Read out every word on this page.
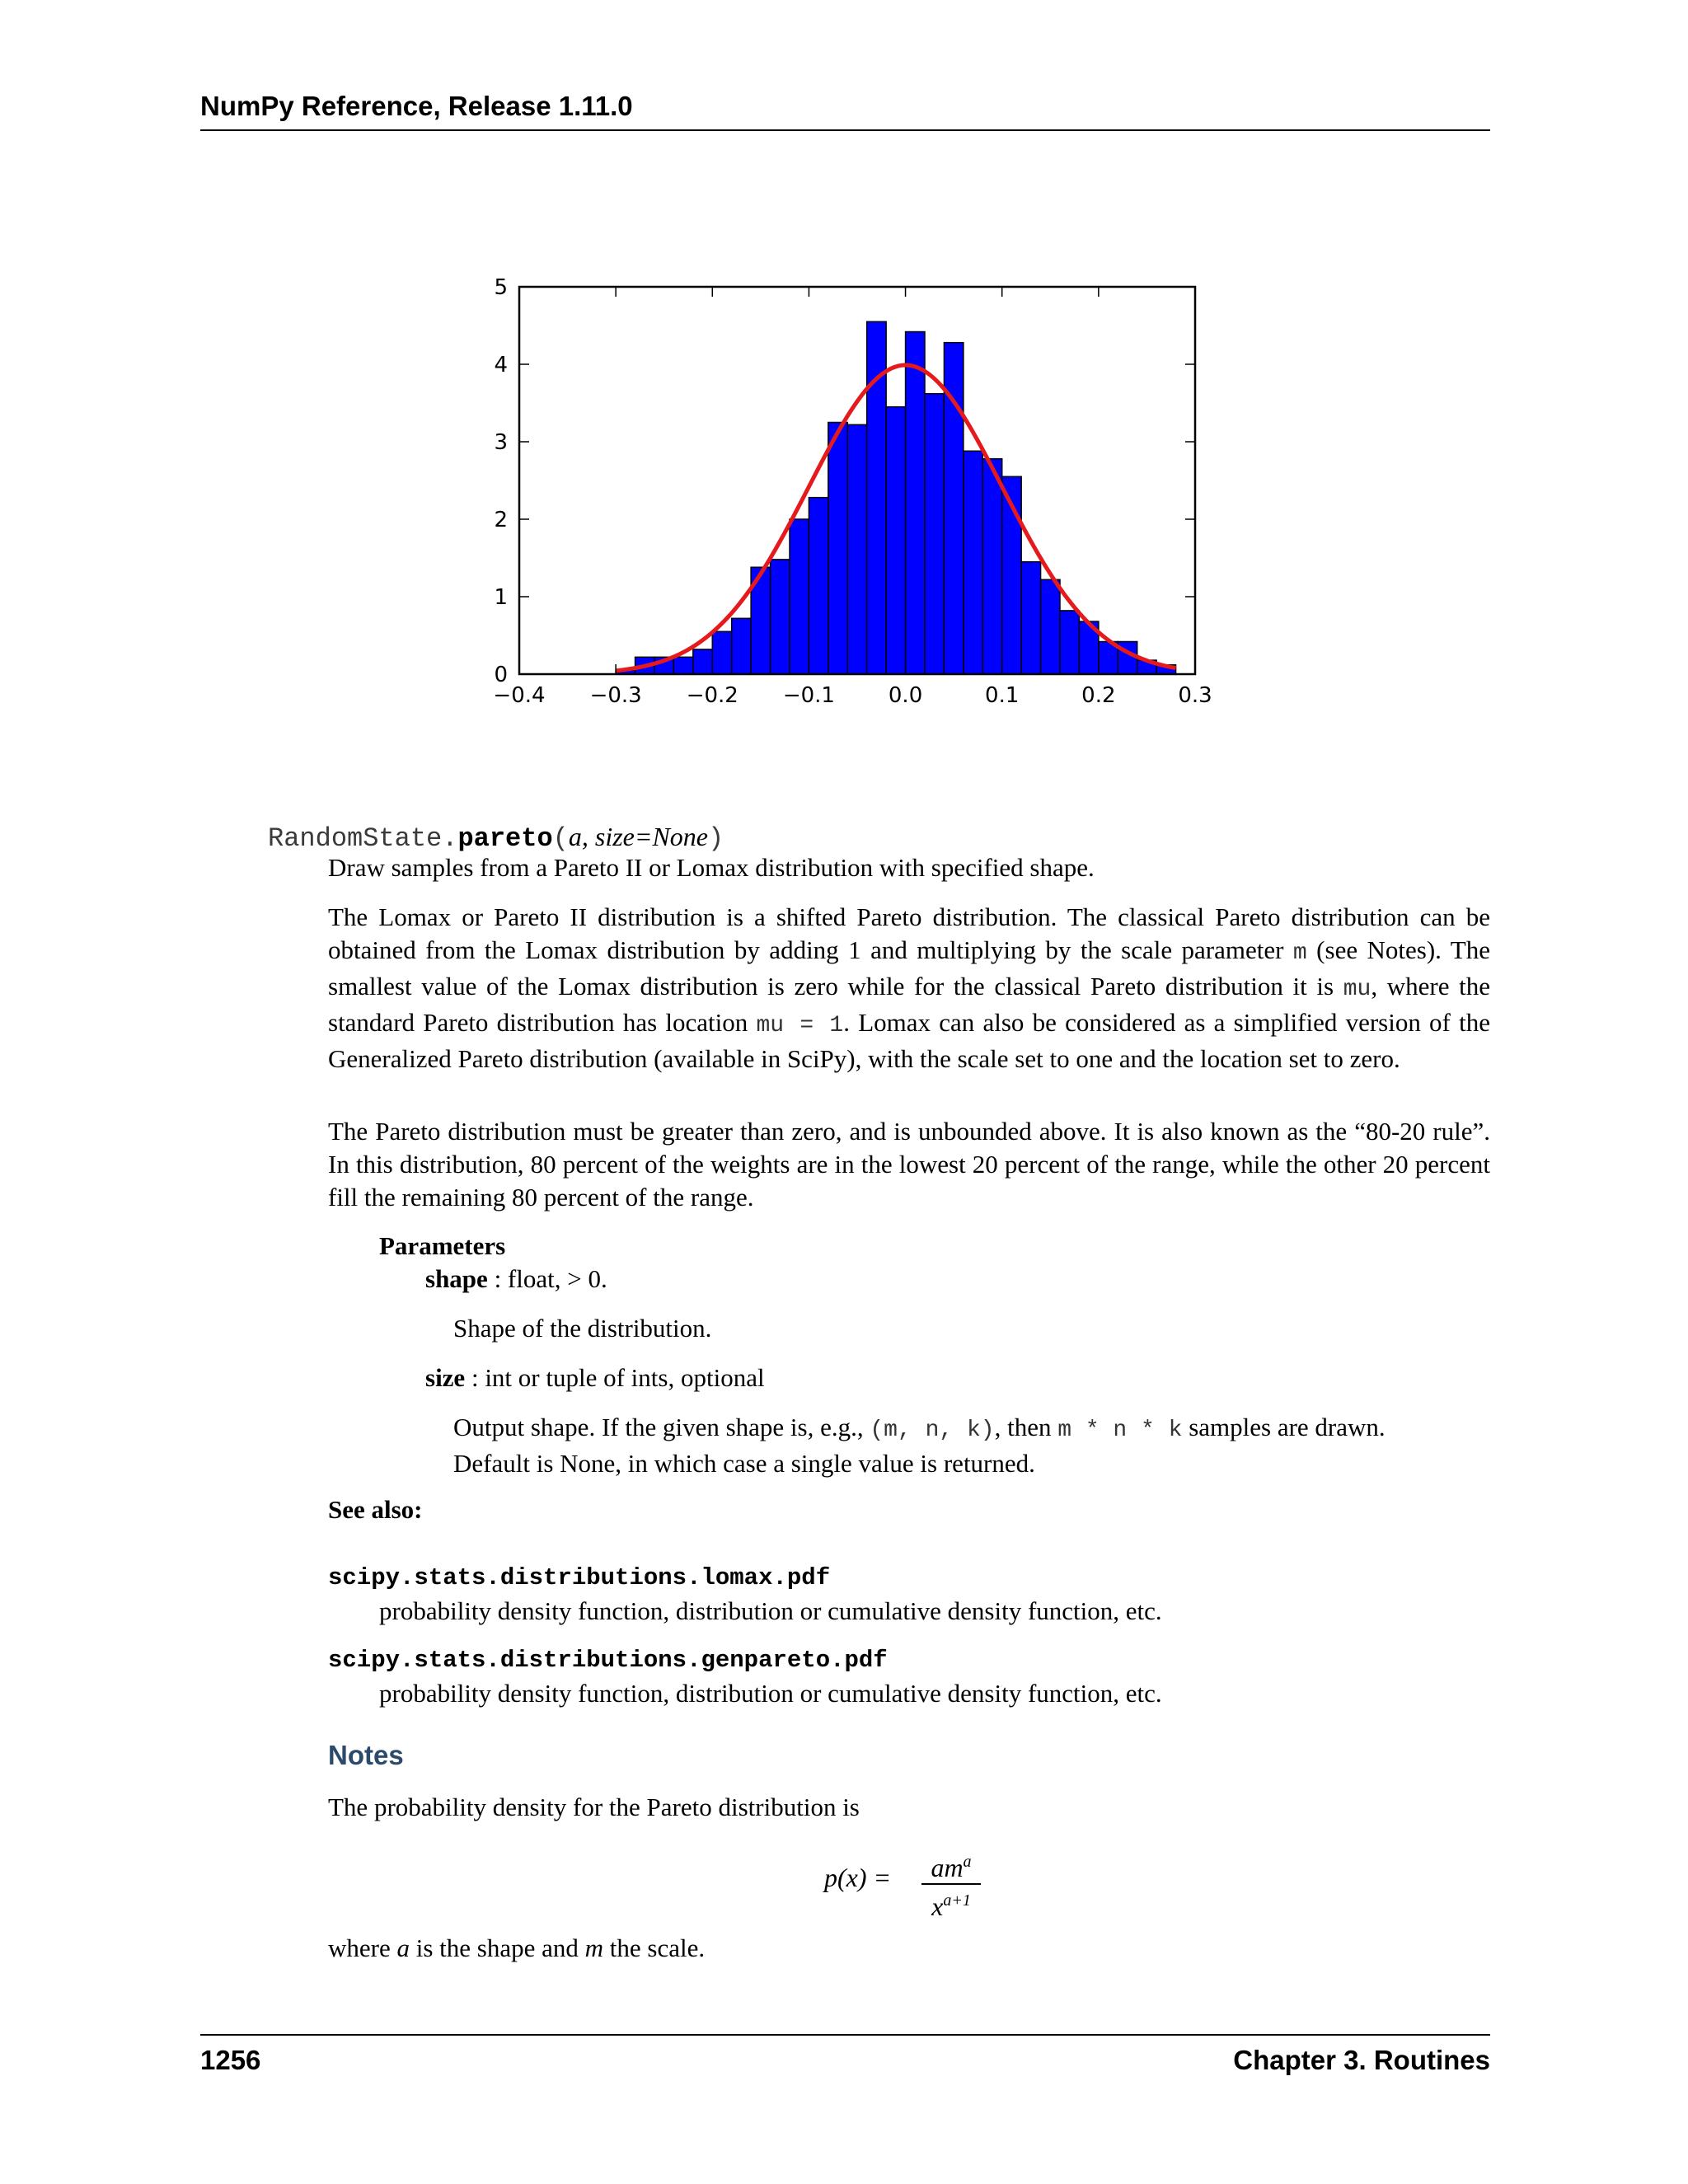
NumPy Reference, Release 1.11.0
−0.4 −0.3 −0.2 −0.1 0.0	0.1	0.2	0.3
0
1
2
3
4
5
RandomState.pareto(a, size=None)

Draw samples from a Pareto II or Lomax distribution with specified shape.

The Lomax or Pareto II distribution is a shifted Pareto distribution. The classical Pareto distribution can be obtained from the Lomax distribution by adding 1 and multiplying by the scale parameter m (see Notes). The smallest value of the Lomax distribution is zero while for the classical Pareto distribution it is mu, where the standard Pareto distribution has location mu = 1. Lomax can also be considered as a simplified version of the Generalized Pareto distribution (available in SciPy), with the scale set to one and the location set to zero.

The Pareto distribution must be greater than zero, and is unbounded above. It is also known as the “80-20 rule”. In this distribution, 80 percent of the weights are in the lowest 20 percent of the range, while the other 20 percent fill the remaining 80 percent of the range.

Parameters
shape : float, > 0.
Shape of the distribution.
size : int or tuple of ints, optional
Output shape. If the given shape is, e.g., (m, n, k), then m * n * k samples are drawn. Default is None, in which case a single value is returned.
See also:
scipy.stats.distributions.lomax.pdf
probability density function, distribution or cumulative density function, etc.
scipy.stats.distributions.genpareto.pdf
probability density function, distribution or cumulative density function, etc.
Notes

The probability density for the Pareto distribution is

p(x) =	$am^a$
$x^{a+1}$

where a is the shape and m the scale.

1256	Chapter 3. Routines
